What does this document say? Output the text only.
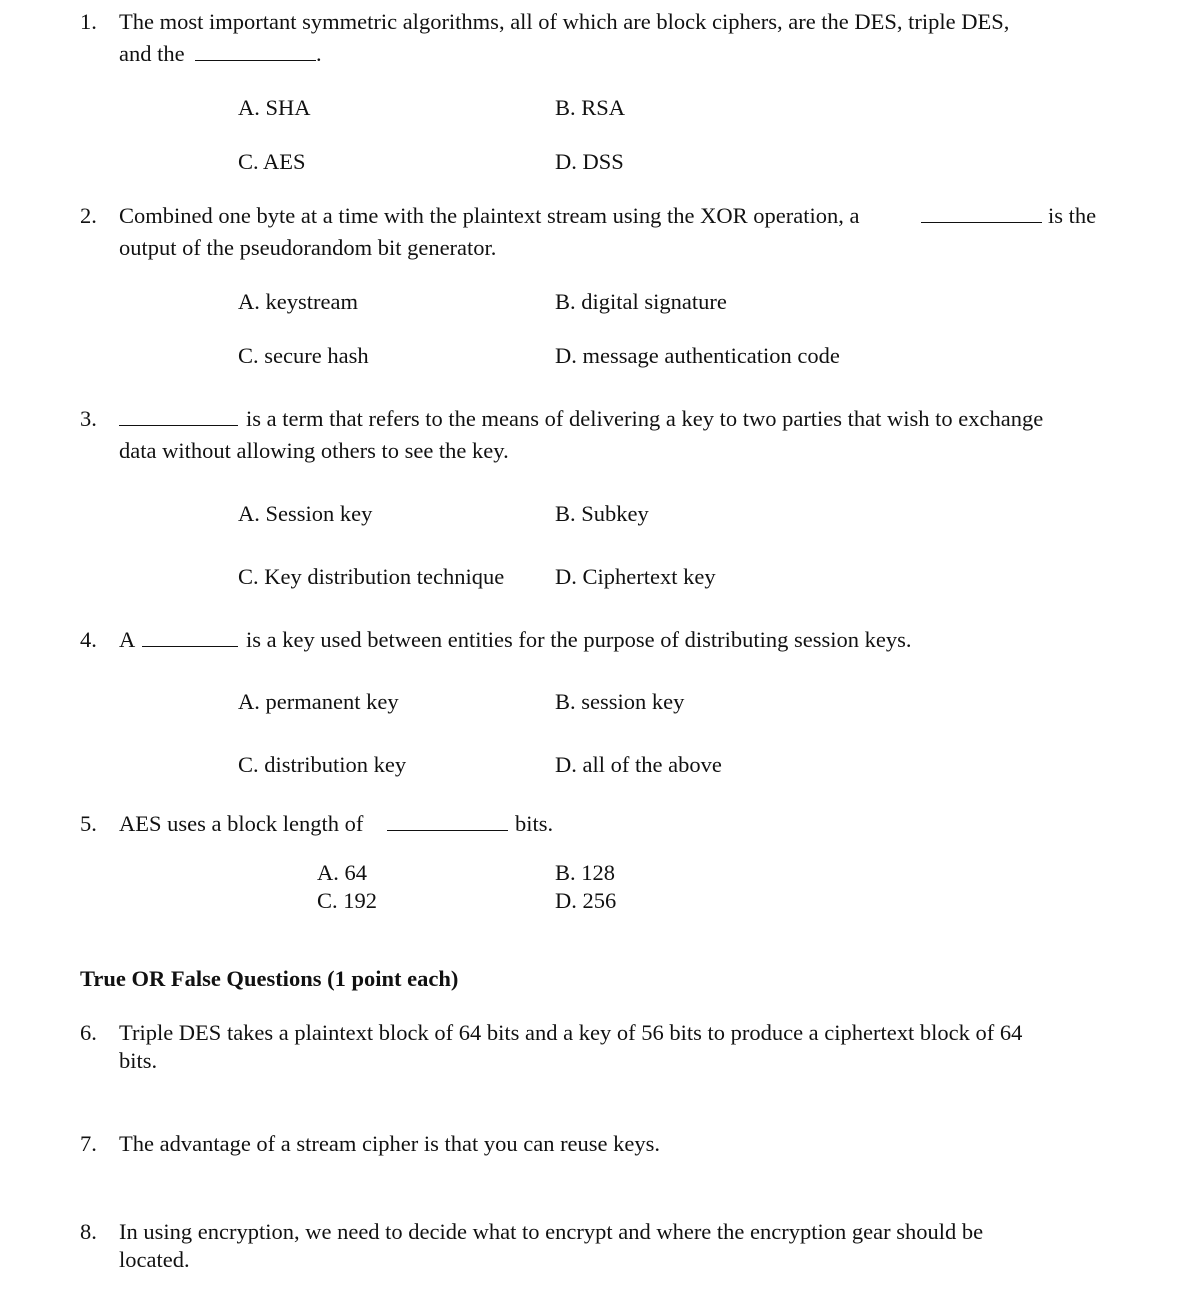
1. The most important symmetric algorithms, all of which are block ciphers, are the DES, triple DES,
and the	.
A. SHA	B. RSA
C. AES	D. DSS
2. Combined one byte at a time with the plaintext stream using the XOR operation, a	is the
output of the pseudorandom bit generator.
A. keystream	B. digital signature
C. secure hash	D. message authentication code
3.	is a term that refers to the means of delivering a key to two parties that wish to exchange
data without allowing others to see the key.
A. Session key	B. Subkey
C. Key distribution technique D. Ciphertext key
4. A	is a key used between entities for the purpose of distributing session keys.
A. permanent key	B. session key
C. distribution key	D. all of the above
5. AES uses a block length of	bits.
A. 64	B. 128
C. 192	D. 256
True OR False Questions (1 point each)
6. Triple DES takes a plaintext block of 64 bits and a key of 56 bits to produce a ciphertext block of 64
bits.
7. The advantage of a stream cipher is that you can reuse keys.
8. In using encryption, we need to decide what to encrypt and where the encryption gear should be
located.
